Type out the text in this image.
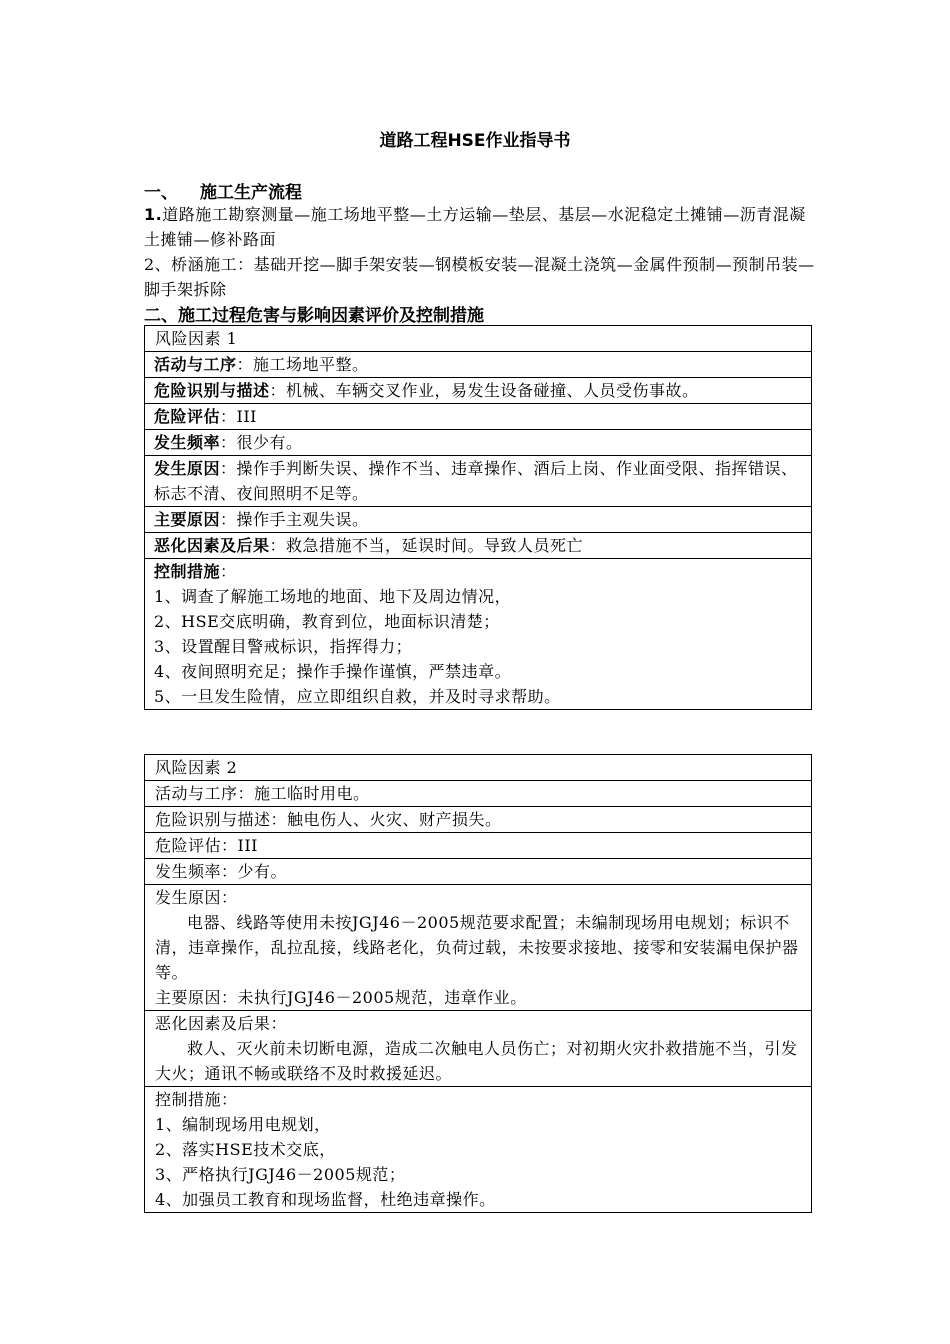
道路工程HSE作业指导书
一、 施工生产流程
1.道路施工勘察测量—施工场地平整—土方运输—垫层、基层—水泥稳定土摊铺—沥青混凝土摊铺—修补路面
2、桥涵施工：基础开挖—脚手架安装—钢模板安装—混凝土浇筑—金属件预制—预制吊装—脚手架拆除
二、施工过程危害与影响因素评价及控制措施
风险因素 1
活动与工序：施工场地平整。
危险识别与描述：机械、车辆交叉作业，易发生设备碰撞、人员受伤事故。
危险评估：III
发生频率：很少有。
发生原因：操作手判断失误、操作不当、违章操作、酒后上岗、作业面受限、指挥错误、标志不清、夜间照明不足等。
主要原因：操作手主观失误。
恶化因素及后果：救急措施不当，延误时间。导致人员死亡

控制措施：
1、调查了解施工场地的地面、地下及周边情况，
2、HSE交底明确，教育到位，地面标识清楚；
3、设置醒目警戒标识，指挥得力；
4、夜间照明充足；操作手操作谨慎，严禁违章。
5、一旦发生险情，应立即组织自救，并及时寻求帮助。
风险因素 2
活动与工序：施工临时用电。
危险识别与描述：触电伤人、火灾、财产损失。
危险评估：III
发生频率：少有。

发生原因：
电器、线路等使用未按JGJ46－2005规范要求配置；未编制现场用电规划；标识不清，违章操作，乱拉乱接，线路老化，负荷过载，未按要求接地、接零和安装漏电保护器等。
主要原因：未执行JGJ46－2005规范，违章作业。

恶化因素及后果：
救人、灭火前未切断电源，造成二次触电人员伤亡；对初期火灾扑救措施不当，引发大火；通讯不畅或联络不及时救援延迟。

控制措施：
1、编制现场用电规划，
2、落实HSE技术交底，
3、严格执行JGJ46－2005规范；
4、加强员工教育和现场监督，杜绝违章操作。
